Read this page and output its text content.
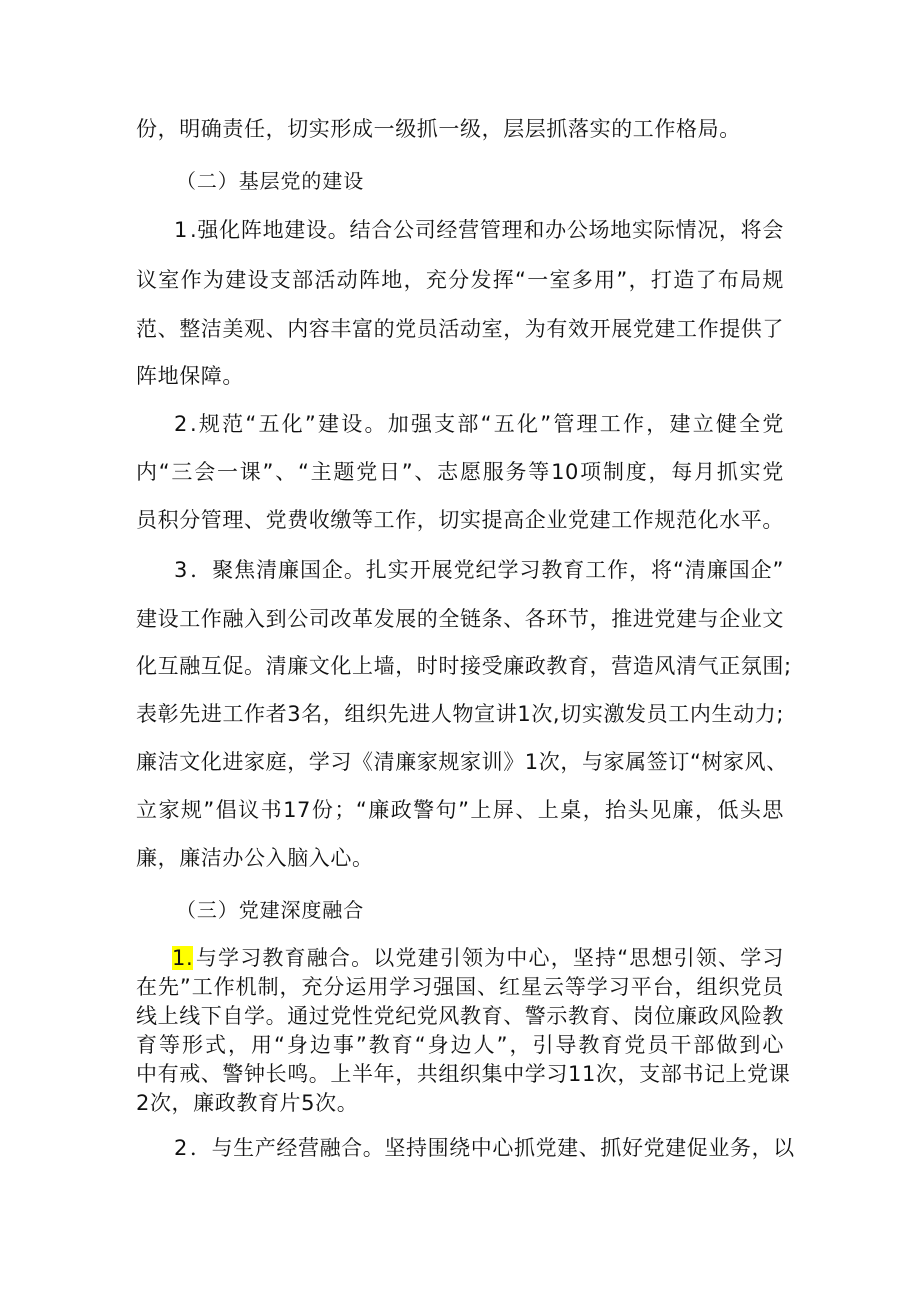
份，明确责任，切实形成一级抓一级，层层抓落实的工作格局。
（二）基层党的建设
1.强化阵地建设。结合公司经营管理和办公场地实际情况，将会
议室作为建设支部活动阵地，充分发挥“一室多用”，打造了布局规
范、整洁美观、内容丰富的党员活动室，为有效开展党建工作提供了
阵地保障。
2.规范“五化”建设。加强支部“五化”管理工作，建立健全党
内“三会一课”、“主题党日”、志愿服务等10项制度，每月抓实党
员积分管理、党费收缴等工作，切实提高企业党建工作规范化水平。
3．聚焦清廉国企。扎实开展党纪学习教育工作，将“清廉国企”
建设工作融入到公司改革发展的全链条、各环节，推进党建与企业文
化互融互促。清廉文化上墙，时时接受廉政教育，营造风清气正氛围;
表彰先进工作者3名，组织先进人物宣讲1次,切实激发员工内生动力;
廉洁文化进家庭，学习《清廉家规家训》1次，与家属签订“树家风、
立家规”倡议书17份；“廉政警句”上屏、上桌，抬头见廉，低头思
廉，廉洁办公入脑入心。
（三）党建深度融合
1.与学习教育融合。以党建引领为中心，坚持“思想引领、学习
在先”工作机制，充分运用学习强国、红星云等学习平台，组织党员
线上线下自学。通过党性党纪党风教育、警示教育、岗位廉政风险教
育等形式，用“身边事”教育“身边人”，引导教育党员干部做到心
中有戒、警钟长鸣。上半年，共组织集中学习11次，支部书记上党课
2次，廉政教育片5次。
2．与生产经营融合。坚持围绕中心抓党建、抓好党建促业务，以
